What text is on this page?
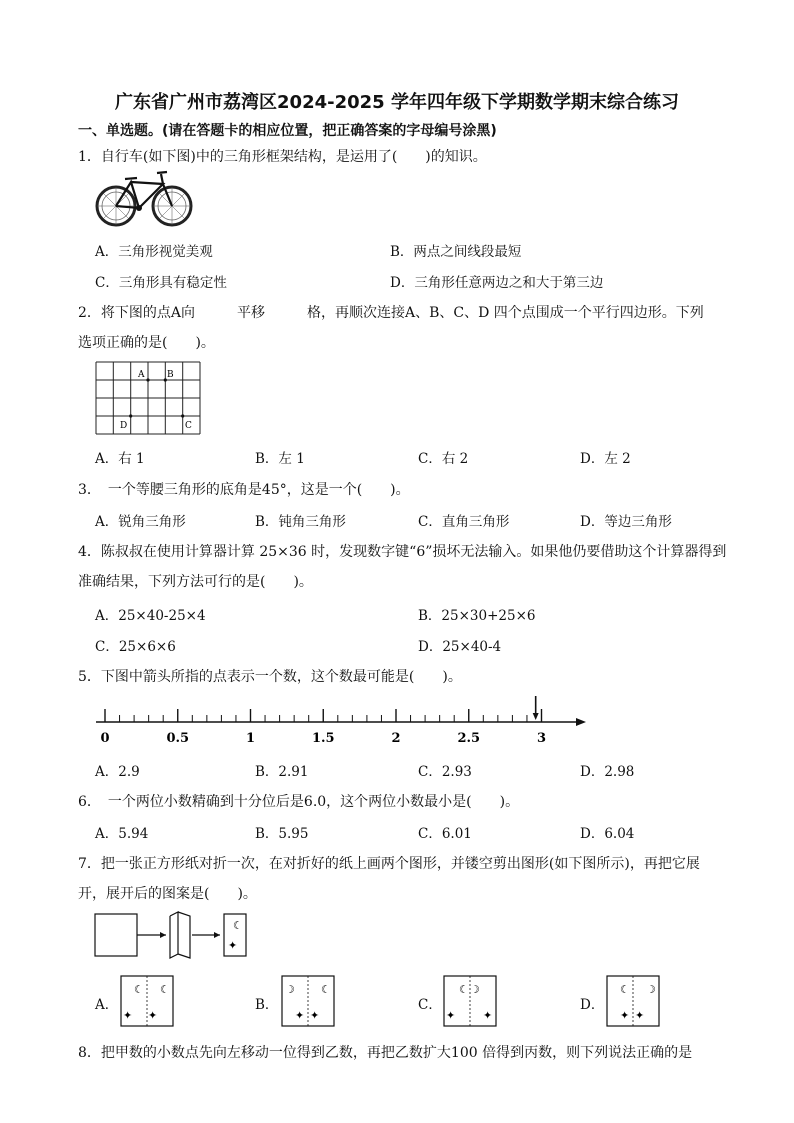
广东省广州市荔湾区2024-2025 学年四年级下学期数学期末综合练习
一、单选题。(请在答题卡的相应位置，把正确答案的字母编号涂黑)
1．自行车(如下图)中的三角形框架结构，是运用了(　　)的知识。
A．三角形视觉美观	B．两点之间线段最短
C．三角形具有稳定性	D．三角形任意两边之和大于第三边
2．将下图的点A向　　　平移　　　格，再顺次连接A、B、C、D 四个点围成一个平行四边形。下列
选项正确的是(　　)。
A	B
D	C
A．右 1	B．左 1	C．右 2	D．左 2
3．　一个等腰三角形的底角是45°，这是一个(　　)。
A．锐角三角形	B．钝角三角形	C．直角三角形	D．等边三角形
4．陈叔叔在使用计算器计算 25×36 时，发现数字键“6”损坏无法输入。如果他仍要借助这个计算器得到
准确结果，下列方法可行的是(　　)。
A．25×40-25×4	B．25×30+25×6
C．25×6×6	D．25×40-4
5．下图中箭头所指的点表示一个数，这个数最可能是(　　)。
0	0.5	1	1.5	2	2.5	3
A．2.9	B．2.91	C．2.93	D．2.98
6．　一个两位小数精确到十分位后是6.0，这个两位小数最小是(　　)。
A．5.94	B．5.95	C．6.01	D．6.04
7．把一张正方形纸对折一次，在对折好的纸上画两个图形，并镂空剪出图形(如下图所示)，再把它展
开，展开后的图案是(　　)。
☾
✦
A．
☾ ☾
✦ ✦
B．
☽ ☾
✦ ✦
C．
☾ ☽
✦	✦
D．
☾ ☽
✦ ✦
8．把甲数的小数点先向左移动一位得到乙数，再把乙数扩大100 倍得到丙数，则下列说法正确的是
